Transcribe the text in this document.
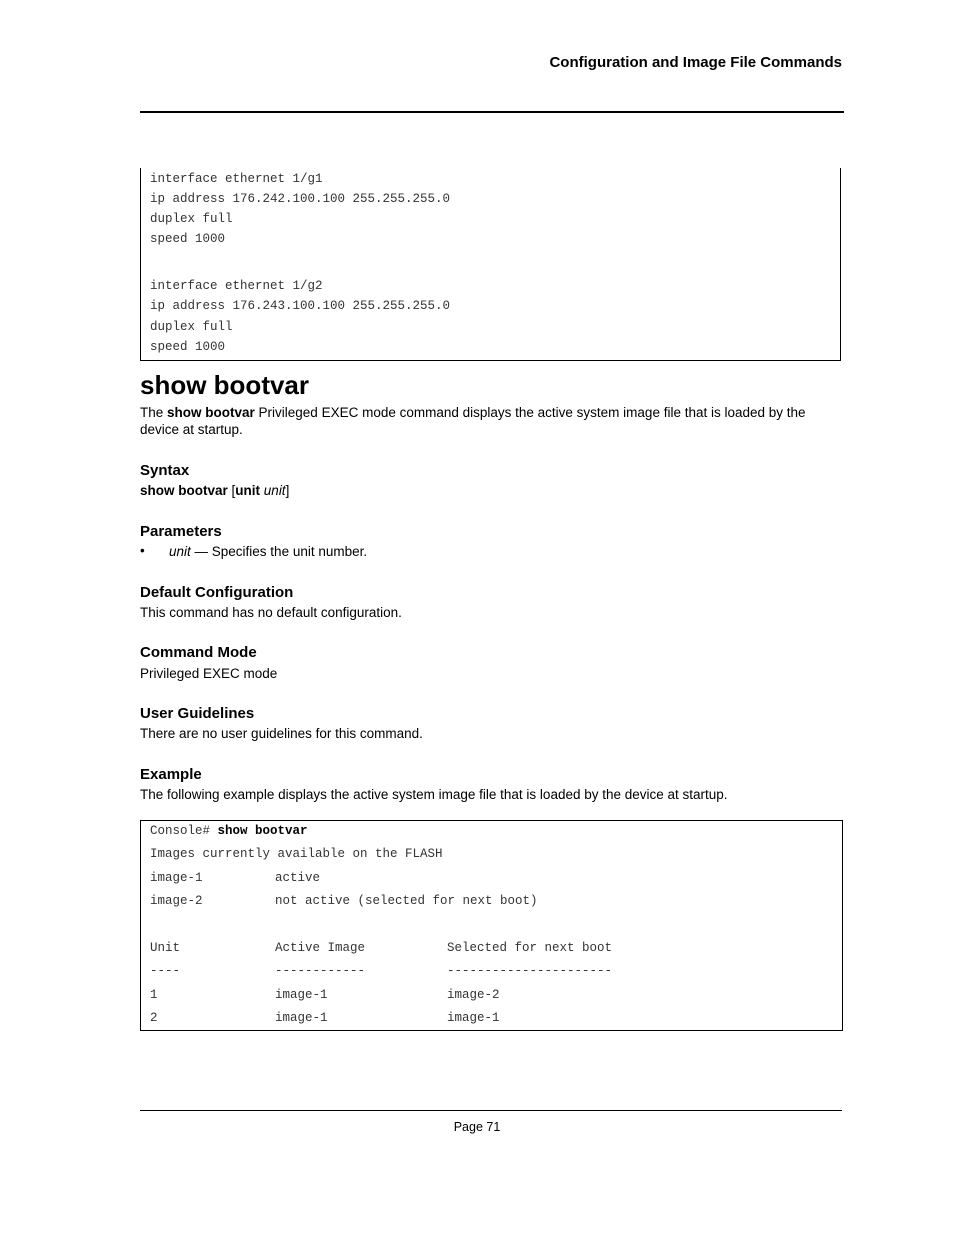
Configuration and Image File Commands
interface ethernet 1/g1
ip address 176.242.100.100 255.255.255.0
duplex full
speed 1000
interface ethernet 1/g2
ip address 176.243.100.100 255.255.255.0
duplex full
speed 1000
show bootvar
The show bootvar Privileged EXEC mode command displays the active system image file that is loaded by the device at startup.
Syntax
show bootvar [unit unit]
Parameters
• unit — Specifies the unit number.
Default Configuration
This command has no default configuration.
Command Mode
Privileged EXEC mode
User Guidelines
There are no user guidelines for this command.
Example
The following example displays the active system image file that is loaded by the device at startup.
Console# show bootvar
Images currently available on the FLASH
image-1	active
image-2	not active (selected for next boot)
Unit	Active Image	Selected for next boot
----	------------	----------------------
1	image-1	image-2
2	image-1	image-1
Page 71
